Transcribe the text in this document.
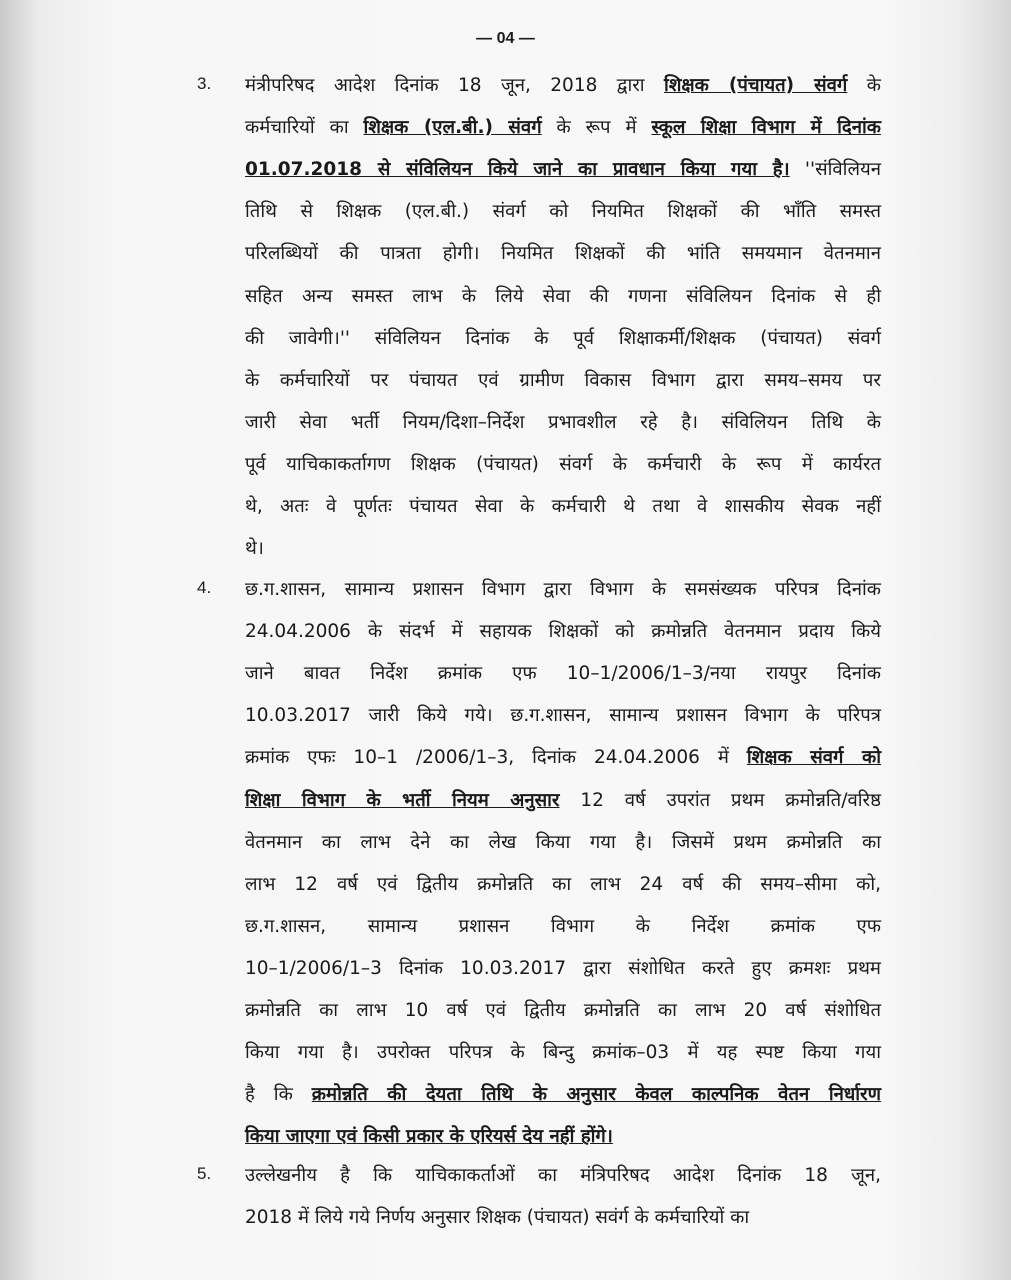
— 04 —
3. मंत्रीपरिषद आदेश दिनांक 18 जून, 2018 द्वारा शिक्षक (पंचायत) संवर्ग के
कर्मचारियों का शिक्षक (एल.बी.) संवर्ग के रूप में स्कूल शिक्षा विभाग में दिनांक
01.07.2018 से संविलियन किये जाने का प्रावधान किया गया है। ''संविलियन
तिथि से शिक्षक (एल.बी.) संवर्ग को नियमित शिक्षकों की भाँति समस्त
परिलब्धियों की पात्रता होगी। नियमित शिक्षकों की भांति समयमान वेतनमान
सहित अन्य समस्त लाभ के लिये सेवा की गणना संविलियन दिनांक से ही
की जावेगी।'' संविलियन दिनांक के पूर्व शिक्षाकर्मी/शिक्षक (पंचायत) संवर्ग
के कर्मचारियों पर पंचायत एवं ग्रामीण विकास विभाग द्वारा समय–समय पर
जारी सेवा भर्ती नियम/दिशा–निर्देश प्रभावशील रहे है। संविलियन तिथि के
पूर्व याचिकाकर्तागण शिक्षक (पंचायत) संवर्ग के कर्मचारी के रूप में कार्यरत
थे, अतः वे पूर्णतः पंचायत सेवा के कर्मचारी थे तथा वे शासकीय सेवक नहीं
थे।
4. छ.ग.शासन, सामान्य प्रशासन विभाग द्वारा विभाग के समसंख्यक परिपत्र दिनांक
24.04.2006 के संदर्भ में सहायक शिक्षकों को क्रमोन्नति वेतनमान प्रदाय किये
जाने बावत निर्देश क्रमांक एफ 10–1/2006/1–3/नया रायपुर दिनांक
10.03.2017 जारी किये गये। छ.ग.शासन, सामान्य प्रशासन विभाग के परिपत्र
क्रमांक एफः 10–1 /2006/1–3, दिनांक 24.04.2006 में शिक्षक संवर्ग को
शिक्षा विभाग के भर्ती नियम अनुसार 12 वर्ष उपरांत प्रथम क्रमोन्नति/वरिष्ठ
वेतनमान का लाभ देने का लेख किया गया है। जिसमें प्रथम क्रमोन्नति का
लाभ 12 वर्ष एवं द्वितीय क्रमोन्नति का लाभ 24 वर्ष की समय–सीमा को,
छ.ग.शासन, सामान्य प्रशासन विभाग के निर्देश क्रमांक एफ
10–1/2006/1–3 दिनांक 10.03.2017 द्वारा संशोधित करते हुए क्रमशः प्रथम
क्रमोन्नति का लाभ 10 वर्ष एवं द्वितीय क्रमोन्नति का लाभ 20 वर्ष संशोधित
किया गया है। उपरोक्त परिपत्र के बिन्दु क्रमांक–03 में यह स्पष्ट किया गया
है कि क्रमोन्नति की देयता तिथि के अनुसार केवल काल्पनिक वेतन निर्धारण
किया जाएगा एवं किसी प्रकार के एरियर्स देय नहीं होंगे।
5. उल्लेखनीय है कि याचिकाकर्ताओं का मंत्रिपरिषद आदेश दिनांक 18 जून,
2018 में लिये गये निर्णय अनुसार शिक्षक (पंचायत) सवंर्ग के कर्मचारियों का
